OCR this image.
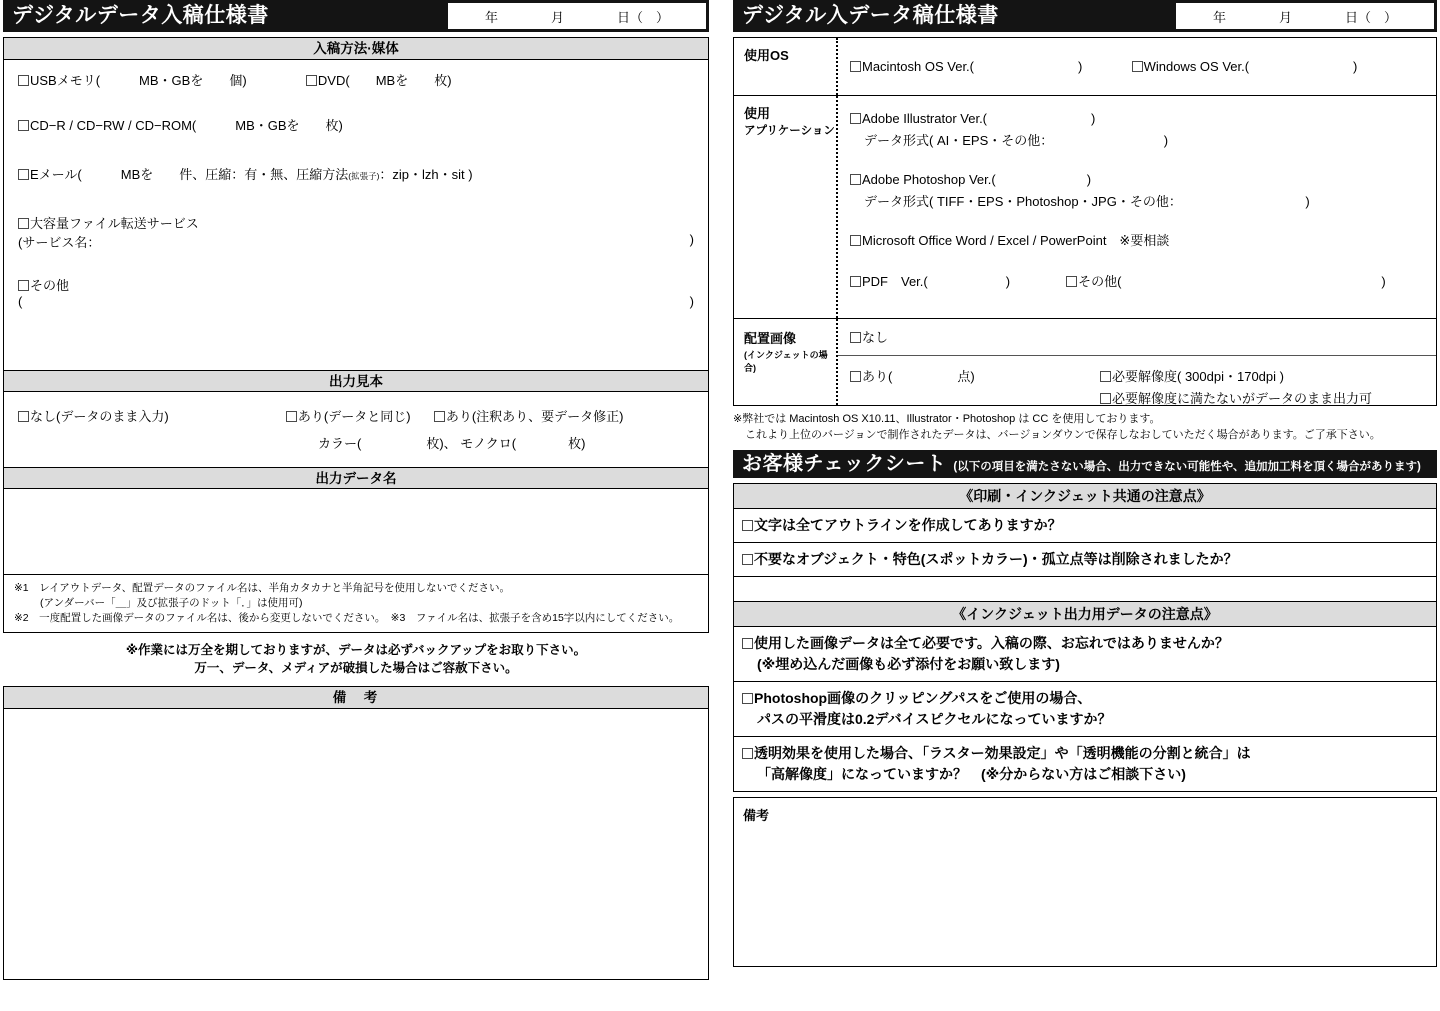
デジタルデータ入稿仕様書	年	月	日（　）
入稿方法·媒体
USBメモリ(　　　MB・GBを　　個)	DVD(　　MBを　　枚)
CD−R / CD−RW / CD−ROM(　　　MB・GBを　　枚)
Eメール(　　　MBを　　件、圧縮：有・無、圧縮方法(拡張子)：zip・lzh・sit )
大容量ファイル転送サービス
(サービス名：	)
その他
(	)
出力見本
なし(データのまま入力)	あり(データと同じ)	あり(注釈あり、要データ修正)
カラー(　　　　　枚)、 モノクロ(　　　　枚)
出力データ名
※1　レイアウトデータ、配置データのファイル名は、半角カタカナと半角記号を使用しないでください。
(アンダーバー「＿」及び拡張子のドット「．」は使用可)
※2　一度配置した画像データのファイル名は、後から変更しないでください。　※3　ファイル名は、拡張子を含め15字以内にしてください。
※作業には万全を期しておりますが、データは必ずバックアップをお取り下さい。
万一、データ、メディアが破損した場合はご容赦下さい。
備　考
デジタル入データ稿仕様書	年	月	日（　）
使用OS
Macintosh OS Ver.(　　　　　　　　)	Windows OS Ver.(　　　　　　　　)
使用
アプリケーション
Adobe Illustrator Ver.(　　　　　　　　)
データ形式( AI・EPS・その他：　　　　　　　　　)
Adobe Photoshop Ver.(　　　　　　　)
データ形式( TIFF・EPS・Photoshop・JPG・その他：　　　　　　　　　　)
Microsoft Office Word / Excel / PowerPoint　※要相談
PDF　Ver.(　　　　　　)	その他(　　　　　　　　　　　　　　　　　　　　)
配置画像
(インクジェットの場合)
なし
あり(　　　　　点)	必要解像度( 300dpi・170dpi )
必要解像度に満たないがデータのまま出力可
※弊社では Macintosh OS X10.11、Illustrator・Photoshop は CC を使用しております。
これより上位のバージョンで制作されたデータは、バージョンダウンで保存しなおしていただく場合があります。ご了承下さい。
お客様チェックシート (以下の項目を満たさない場合、出力できない可能性や、追加加工料を頂く場合があります)
《印刷・インクジェット共通の注意点》
文字は全てアウトラインを作成してありますか？
不要なオブジェクト・特色(スポットカラー)・孤立点等は削除されましたか？
《インクジェット出力用データの注意点》
使用した画像データは全て必要です。入稿の際、お忘れではありませんか？
(※埋め込んだ画像も必ず添付をお願い致します)
Photoshop画像のクリッピングパスをご使用の場合、
パスの平滑度は0.2デバイスピクセルになっていますか？
透明効果を使用した場合、「ラスター効果設定」や「透明機能の分割と統合」は
「高解像度」になっていますか？　(※分からない方はご相談下さい)
備考
